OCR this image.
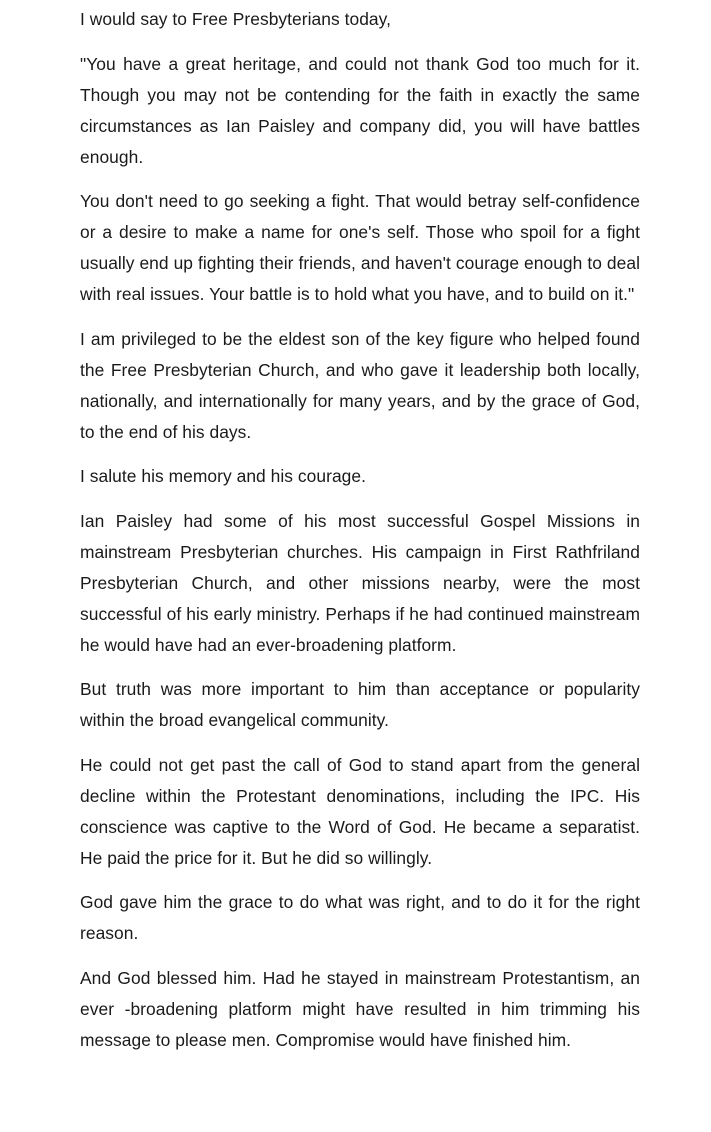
I would say to Free Presbyterians today,

"You have a great heritage, and could not thank God too much for it. Though you may not be contending for the faith in exactly the same circumstances as Ian Paisley and company did, you will have battles enough.

You don't need to go seeking a fight. That would betray self-confidence or a desire to make a name for one's self. Those who spoil for a fight usually end up fighting their friends, and haven't courage enough to deal with real issues. Your battle is to hold what you have, and to build on it."

I am privileged to be the eldest son of the key figure who helped found the Free Presbyterian Church, and who gave it leadership both locally, nationally, and internationally for many years, and by the grace of God, to the end of his days.

I salute his memory and his courage.

Ian Paisley had some of his most successful Gospel Missions in mainstream Presbyterian churches. His campaign in First Rathfriland Presbyterian Church, and other missions nearby, were the most successful of his early ministry. Perhaps if he had continued mainstream he would have had an ever-broadening platform.

But truth was more important to him than acceptance or popularity within the broad evangelical community.

He could not get past the call of God to stand apart from the general decline within the Protestant denominations, including the IPC. His conscience was captive to the Word of God. He became a separatist. He paid the price for it. But he did so willingly.

God gave him the grace to do what was right, and to do it for the right reason.

And God blessed him. Had he stayed in mainstream Protestantism, an ever -broadening platform might have resulted in him trimming his message to please men. Compromise would have finished him.
